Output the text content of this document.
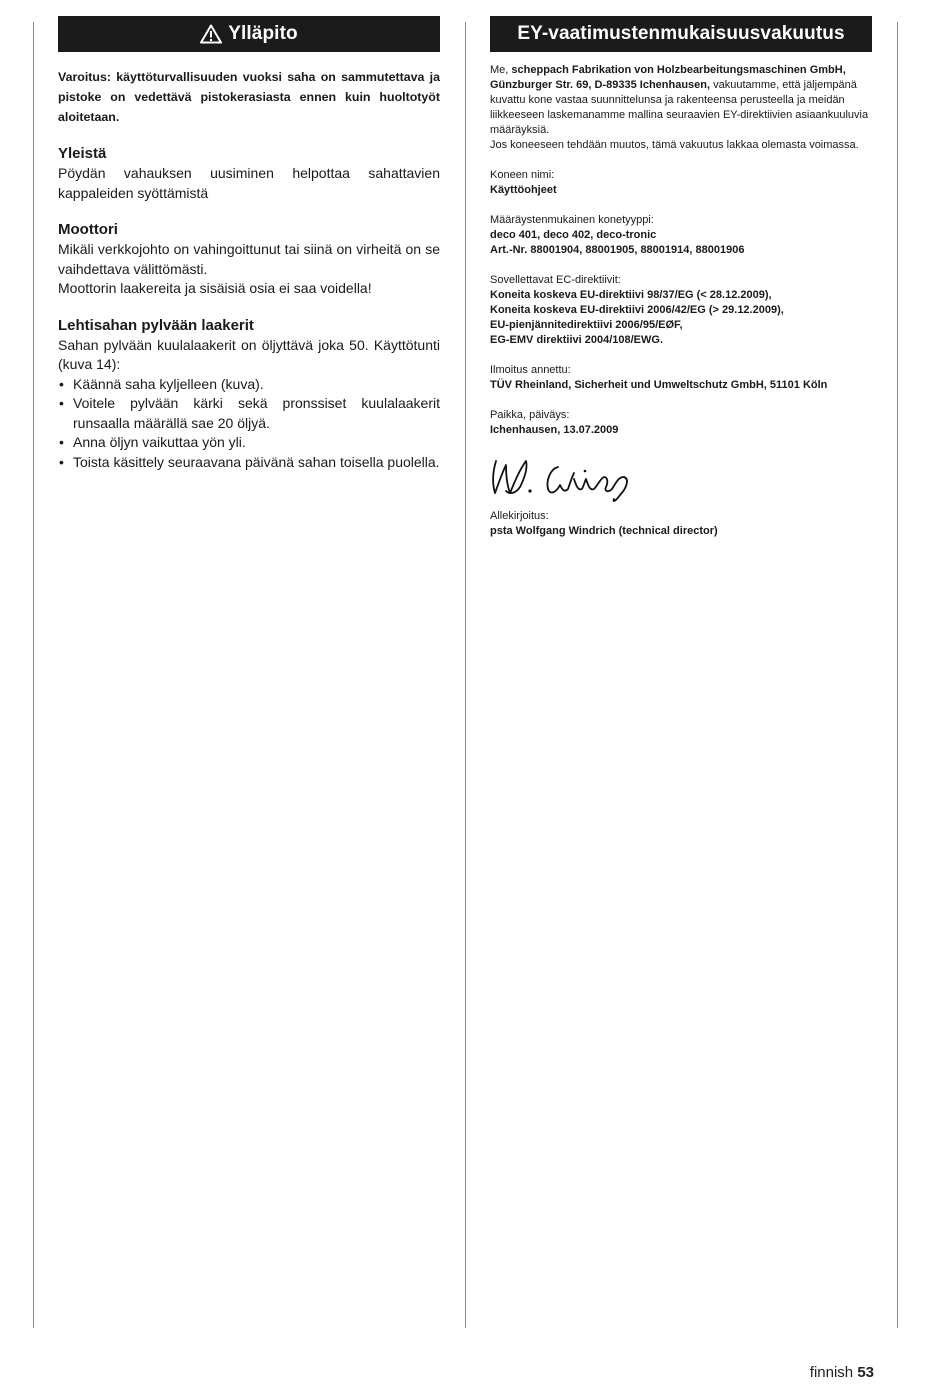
Ylläpito
Varoitus: käyttöturvallisuuden vuoksi saha on sammutettava ja pistoke on vedettävä pistokerasiasta ennen kuin huoltotyöt aloitetaan.
Yleistä
Pöydän vahauksen uusiminen helpottaa sahattavien kappaleiden syöttämistä
Moottori
Mikäli verkkojohto on vahingoittunut tai siinä on virheitä on se vaihdettava välittömästi.
Moottorin laakereita ja sisäisiä osia ei saa voidella!
Lehtisahan pylvään laakerit
Sahan pylvään kuulalaakerit on öljyttävä joka 50. Käyttötunti (kuva 14):
• Käännä saha kyljelleen (kuva).
• Voitele pylvään kärki sekä pronssiset kuulalaakerit runsaalla määrällä sae 20 öljyä.
• Anna öljyn vaikuttaa yön yli.
• Toista käsittely seuraavana päivänä sahan toisella puolella.
EY-vaatimustenmukaisuusvakuutus
Me, scheppach Fabrikation von Holzbearbeitungsmaschinen GmbH, Günzburger Str. 69, D-89335 Ichenhausen, vakuutamme, että jäljempänä kuvattu kone vastaa suunnittelunsa ja rakenteensa perusteella ja meidän liikkeeseen laskemanamme mallina seuraavien EY-direktiivien asiaankuuluvia määräyksiä.
Jos koneeseen tehdään muutos, tämä vakuutus lakkaa olemasta voimassa.
Koneen nimi:
Käyttöohjeet
Määräystenmukainen konetyyppi:
deco 401, deco 402, deco-tronic
Art.-Nr. 88001904, 88001905, 88001914, 88001906
Sovellettavat EC-direktiivit:
Koneita koskeva EU-direktiivi 98/37/EG (< 28.12.2009),
Koneita koskeva EU-direktiivi 2006/42/EG (> 29.12.2009),
EU-pienjännitedirektiivi 2006/95/EØF,
EG-EMV direktiivi 2004/108/EWG.
Ilmoitus annettu:
TÜV Rheinland, Sicherheit und Umweltschutz GmbH, 51101 Köln
Paikka, päiväys:
Ichenhausen, 13.07.2009
Allekirjoitus:
psta Wolfgang Windrich (technical director)
finnish 53
